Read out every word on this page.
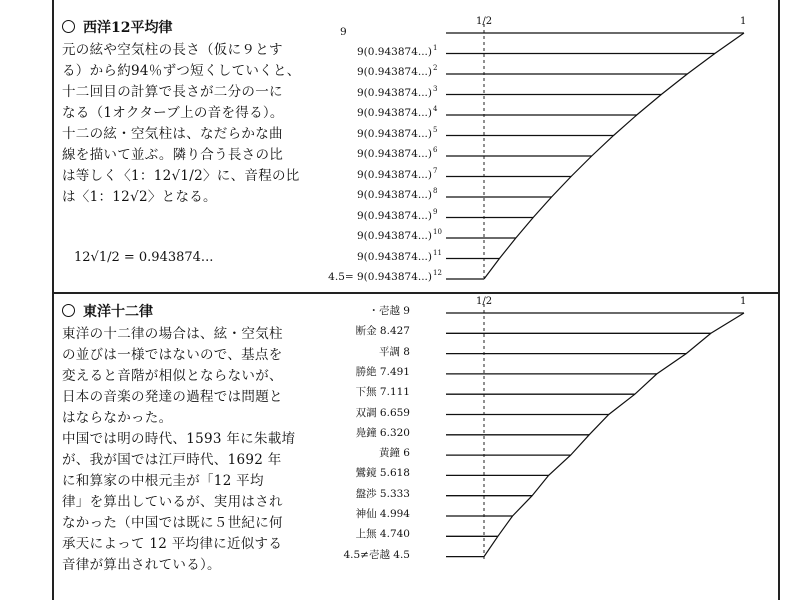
西洋12平均律
元の絃や空気柱の長さ（仮に９とす
る）から約94％ずつ短くしていくと、
十二回目の計算で長さが二分の一に
なる（1オクターブ上の音を得る）。
十二の絃・空気柱は、なだらかな曲
線を描いて並ぶ。隣り合う長さの比
は等しく〈1：12√1/2〉に、音程の比
は〈1：12√2〉となる。
12√1/2 = 0.943874...
東洋十二律
東洋の十二律の場合は、絃・空気柱
の並びは一様ではないので、基点を
変えると音階が相似とならないが、
日本の音楽の発達の過程では問題と
はならなかった。
中国では明の時代、1593 年に朱載堉
が、我が国では江戸時代、1692 年
に和算家の中根元圭が「12 平均
律」を算出しているが、実用はされ
なかった（中国では既に５世紀に何
承天によって 12 平均律に近似する
音律が算出されている）。
1/2	1
9
9(0.943874...) 1
9(0.943874...) 2
9(0.943874...) 3
9(0.943874...) 4
9(0.943874...) 5
9(0.943874...) 6
9(0.943874...) 7
9(0.943874...) 8
9(0.943874...) 9
9(0.943874...) 10
9(0.943874...) 11
4.5= 9(0.943874...) 12
1/2	1
・壱越 9
断金 8.427
平調 8
勝絶 7.491
下無 7.111
双調 6.659
鳧鐘 6.320
黄鐘 6
鸞鏡 5.618
盤渉 5.333
神仙 4.994
上無 4.740
4.5≠壱越 4.5
